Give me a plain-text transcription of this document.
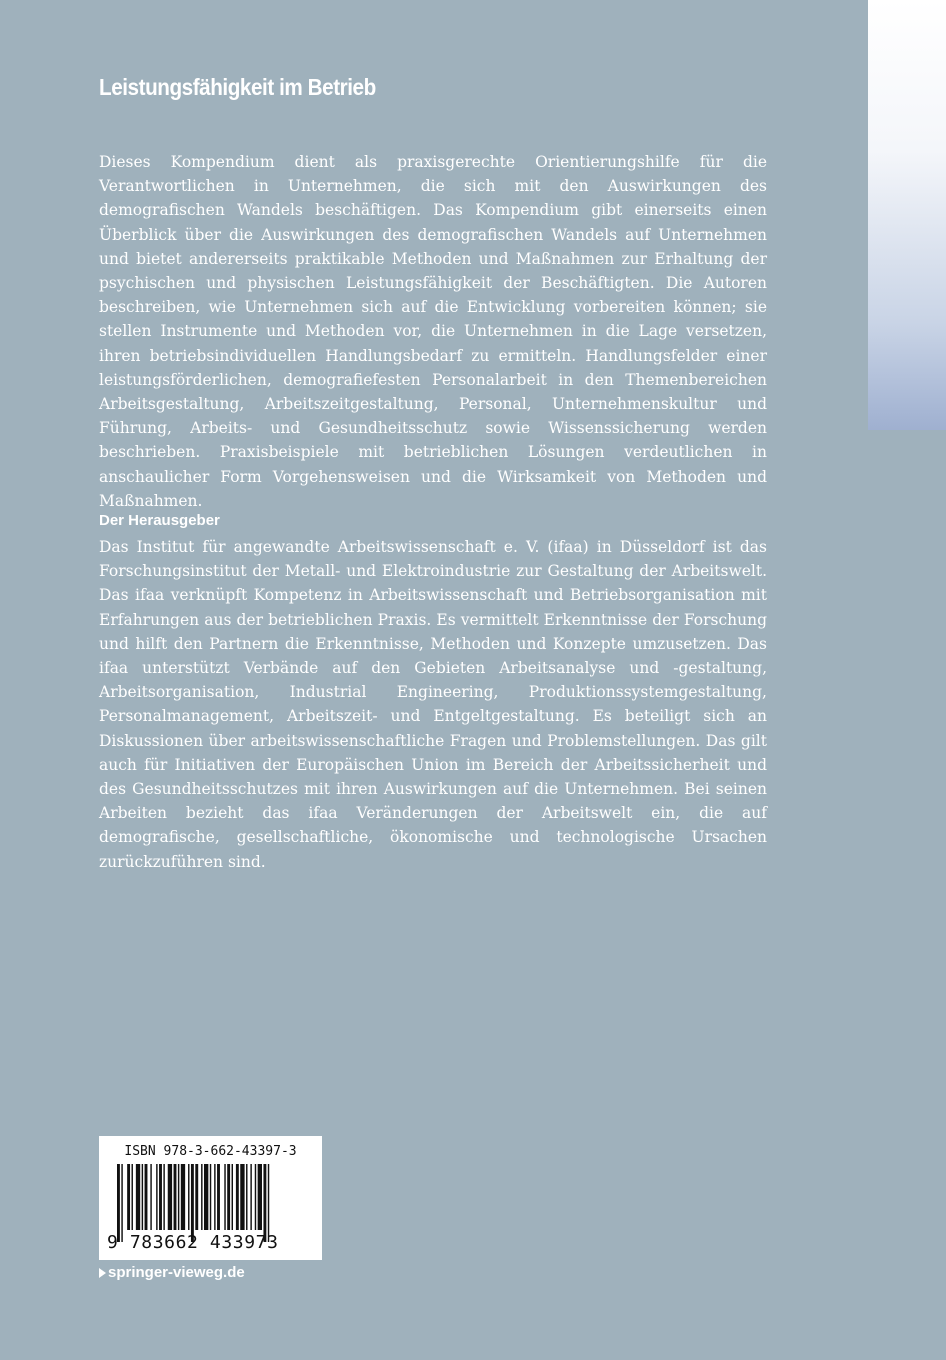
Leistungsfähigkeit im Betrieb

Dieses Kompendium dient als praxisgerechte Orientierungshilfe für die Verantwortlichen in Unternehmen, die sich mit den Auswirkungen des demografischen Wandels beschäftigen. Das Kompendium gibt einerseits einen Überblick über die Auswirkungen des demografischen Wandels auf Unternehmen und bietet andererseits praktikable Methoden und Maßnahmen zur Erhaltung der psychischen und physischen Leistungsfähigkeit der Beschäftigten. Die Autoren beschreiben, wie Unternehmen sich auf die Entwicklung vorbereiten können; sie stellen Instrumente und Methoden vor, die Unternehmen in die Lage versetzen, ihren betriebsindividuellen Handlungsbedarf zu ermitteln. Handlungsfelder einer leistungsförderlichen, demografiefesten Personalarbeit in den Themenbereichen Arbeitsgestaltung, Arbeitszeitgestaltung, Personal, Unternehmenskultur und Führung, Arbeits- und Gesundheitsschutz sowie Wissenssicherung werden beschrieben. Praxisbeispiele mit betrieblichen Lösungen verdeutlichen in anschaulicher Form Vorgehensweisen und die Wirksamkeit von Methoden und Maßnahmen.

Der Herausgeber

Das Institut für angewandte Arbeitswissenschaft e. V. (ifaa) in Düsseldorf ist das Forschungsinstitut der Metall- und Elektroindustrie zur Gestaltung der Arbeitswelt. Das ifaa verknüpft Kompetenz in Arbeitswissenschaft und Betriebsorganisation mit Erfahrungen aus der betrieblichen Praxis. Es vermittelt Erkenntnisse der Forschung und hilft den Partnern die Erkenntnisse, Methoden und Konzepte umzusetzen. Das ifaa unterstützt Verbände auf den Gebieten Arbeitsanalyse und -gestaltung, Arbeitsorganisation, Industrial Engineering, Produktionssystemgestaltung, Personalmanagement, Arbeitszeit- und Entgeltgestaltung. Es beteiligt sich an Diskussionen über arbeitswissenschaftliche Fragen und Problemstellungen. Das gilt auch für Initiativen der Europäischen Union im Bereich der Arbeitssicherheit und des Gesundheitsschutzes mit ihren Auswirkungen auf die Unternehmen. Bei seinen Arbeiten bezieht das ifaa Veränderungen der Arbeitswelt ein, die auf demografische, gesellschaftliche, ökonomische und technologische Ursachen zurückzuführen sind.

ISBN 978-3-662-43397-3
9 783662 433973
springer-vieweg.de
